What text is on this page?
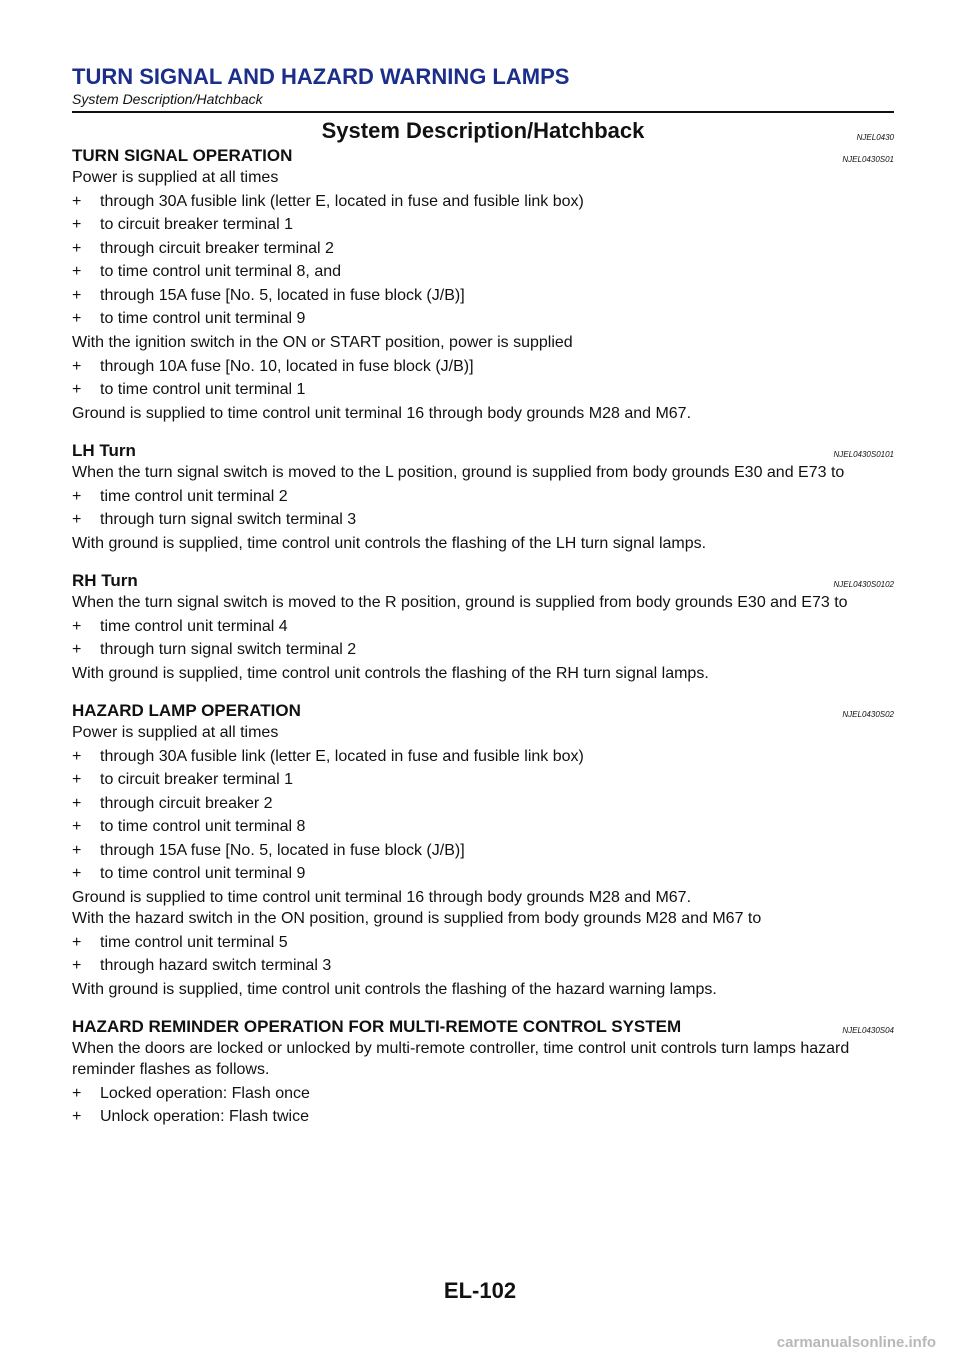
TURN SIGNAL AND HAZARD WARNING LAMPS
System Description/Hatchback
System Description/Hatchback	NJEL0430
TURN SIGNAL OPERATION	NJEL0430S01

Power is supplied at all times

+ through 30A fusible link (letter E, located in fuse and fusible link box)
+ to circuit breaker terminal 1
+ through circuit breaker terminal 2
+ to time control unit terminal 8, and
+ through 15A fuse [No. 5, located in fuse block (J/B)]
+ to time control unit terminal 9

With the ignition switch in the ON or START position, power is supplied

+ through 10A fuse [No. 10, located in fuse block (J/B)]
+ to time control unit terminal 1

Ground is supplied to time control unit terminal 16 through body grounds M28 and M67.

LH Turn	NJEL0430S0101

When the turn signal switch is moved to the L position, ground is supplied from body grounds E30 and E73 to

+ time control unit terminal 2
+ through turn signal switch terminal 3

With ground is supplied, time control unit controls the flashing of the LH turn signal lamps.

RH Turn	NJEL0430S0102

When the turn signal switch is moved to the R position, ground is supplied from body grounds E30 and E73 to

+ time control unit terminal 4
+ through turn signal switch terminal 2

With ground is supplied, time control unit controls the flashing of the RH turn signal lamps.

HAZARD LAMP OPERATION	NJEL0430S02

Power is supplied at all times

+ through 30A fusible link (letter E, located in fuse and fusible link box)
+ to circuit breaker terminal 1
+ through circuit breaker 2
+ to time control unit terminal 8
+ through 15A fuse [No. 5, located in fuse block (J/B)]
+ to time control unit terminal 9

Ground is supplied to time control unit terminal 16 through body grounds M28 and M67.

With the hazard switch in the ON position, ground is supplied from body grounds M28 and M67 to

+ time control unit terminal 5
+ through hazard switch terminal 3

With ground is supplied, time control unit controls the flashing of the hazard warning lamps.

HAZARD REMINDER OPERATION FOR MULTI-REMOTE CONTROL SYSTEM	NJEL0430S04

When the doors are locked or unlocked by multi-remote controller, time control unit controls turn lamps hazard reminder flashes as follows.

+ Locked operation: Flash once
+ Unlock operation: Flash twice
EL-102
carmanualsonline.info
